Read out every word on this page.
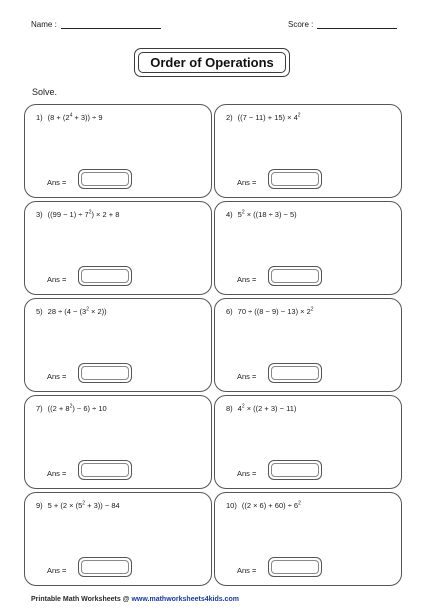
Name :	Score :
Order of Operations
Solve.
1) $(8 + (2^4 + 3)) \div 9$
Ans =
2) $((7 - 11) + 15) \times 4^2$
Ans =
3) $((99 - 1) \div 7^2) \times 2 + 8$
Ans =
4) $5^2 \times ((18 \div 3) - 5)$
Ans =
5) $28 \div (4 - (3^2 \times 2))$
Ans =
6) $70 \div ((8 - 9) - 13) \times 2^2$
Ans =
7) $((2 + 8^2) - 6) \div 10$
Ans =
8) $4^2 \times ((2 + 3) - 11)$
Ans =
9) $5 + (2 \times (5^2 + 3)) - 84$
Ans =
10) $((2 \times 6) + 60) \div 6^2$
Ans =
Printable Math Worksheets @ www.mathworksheets4kids.com
